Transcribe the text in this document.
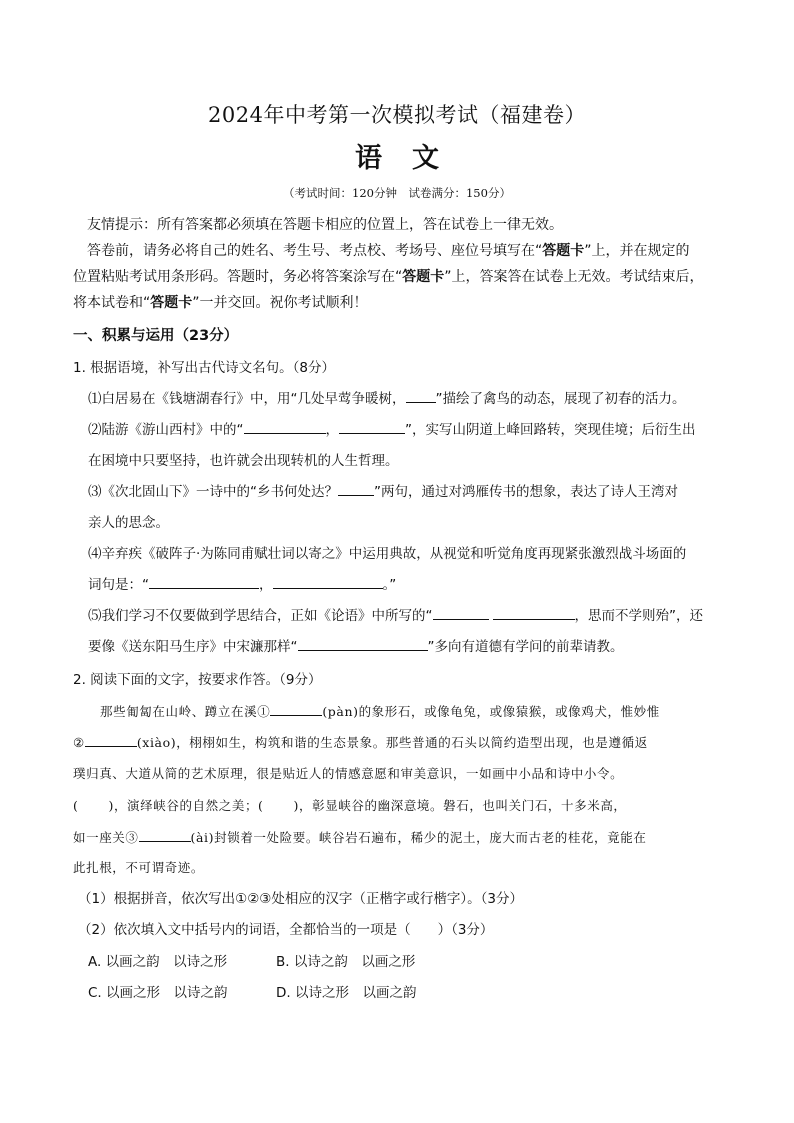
2024年中考第一次模拟考试（福建卷）
语 文
（考试时间：120分钟　试卷满分：150分）
友情提示：所有答案都必须填在答题卡相应的位置上，答在试卷上一律无效。
答卷前，请务必将自己的姓名、考生号、考点校、考场号、座位号填写在“答题卡”上，并在规定的
位置粘贴考试用条形码。答题时，务必将答案涂写在“答题卡”上，答案答在试卷上无效。考试结束后，
将本试卷和“答题卡”一并交回。祝你考试顺利！
一、积累与运用（23分）
1. 根据语境，补写出古代诗文名句。（8分）
⑴白居易在《钱塘湖春行》中，用“几处早莺争暖树， ”描绘了禽鸟的动态，展现了初春的活力。
⑵陆游《游山西村》中的“	，	”，实写山阴道上峰回路转，突现佳境；后衍生出
在困境中只要坚持，也许就会出现转机的人生哲理。
⑶《次北固山下》一诗中的“乡书何处达？	”两句，通过对鸿雁传书的想象，表达了诗人王湾对
亲人的思念。
⑷辛弃疾《破阵子·为陈同甫赋壮词以寄之》中运用典故，从视觉和听觉角度再现紧张激烈战斗场面的
词句是：“	，	。”
⑸我们学习不仅要做到学思结合，正如《论语》中所写的“	，思而不学则殆”，还
要像《送东阳马生序》中宋濂那样“	”多向有道德有学问的前辈请教。
2. 阅读下面的文字，按要求作答。（9分）
那些匍匐在山岭、蹲立在溪①	(pàn)的象形石，或像龟兔，或像猿猴，或像鸡犬，惟妙惟
②	(xiào)，栩栩如生，构筑和谐的生态景象。那些普通的石头以简约造型出现，也是遵循返
璞归真、大道从简的艺术原理，很是贴近人的情感意愿和审美意识，一如画中小品和诗中小令。
( )，演绎峡谷的自然之美；( )，彰显峡谷的幽深意境。磐石，也叫关门石，十多米高，
如一座关③	(ài)封锁着一处险要。峡谷岩石遍布，稀少的泥土，庞大而古老的桂花，竟能在
此扎根，不可谓奇迹。
（1）根据拼音，依次写出①②③处相应的汉字（正楷字或行楷字）。（3分）
（2）依次填入文中括号内的词语，全都恰当的一项是（　　）（3分）
A. 以画之韵　以诗之形	B. 以诗之韵　以画之形
C. 以画之形　以诗之韵	D. 以诗之形　以画之韵
